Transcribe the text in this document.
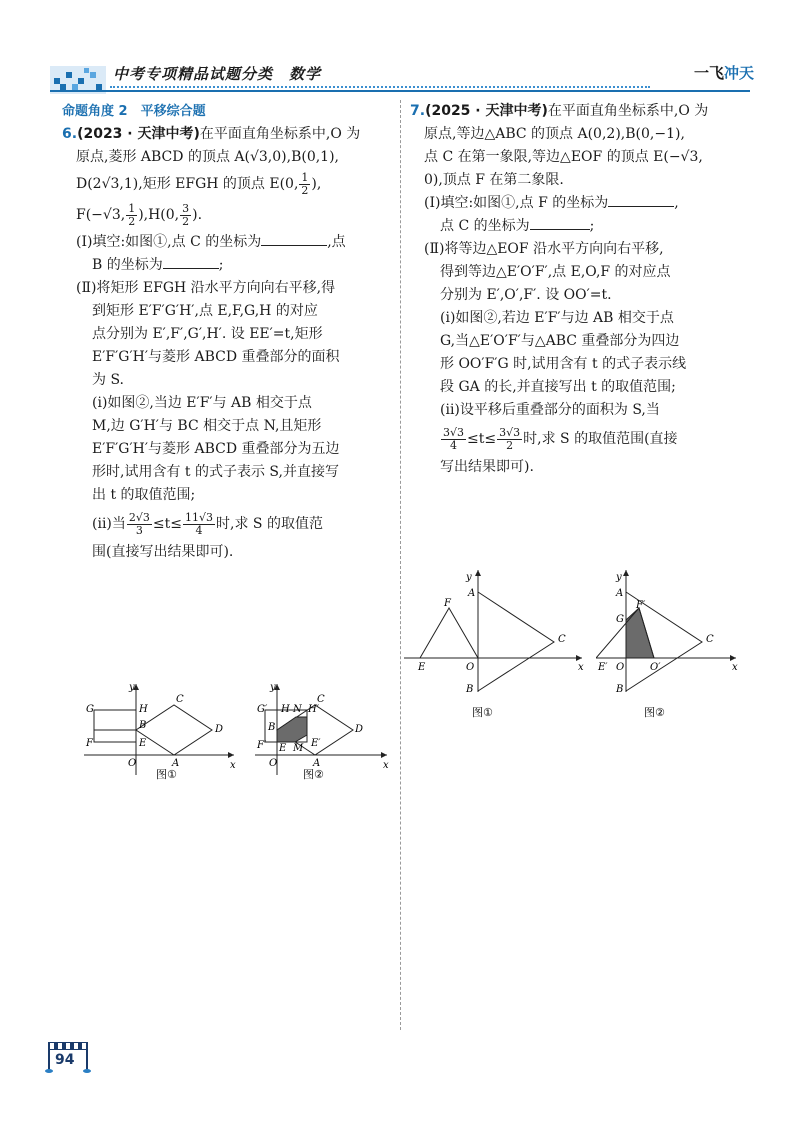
中考专项精品试题分类　数学	一飞冲天
命题角度 2　平移综合题
6.(2023 · 天津中考)在平面直角坐标系中,O 为
原点,菱形 ABCD 的顶点 A(√3,0),B(0,1),
D(2√3,1),矩形 EFGH 的顶点 E(0, $\frac{1}{2}$ ),
F(−√3, $\frac{1}{2} ),H(0$, $\frac{3}{2}$ ).
(Ⅰ)填空:如图①,点 C 的坐标为	,点
B 的坐标为	;
(Ⅱ)将矩形 EFGH 沿水平方向向右平移,得
到矩形 E′F′G′H′,点 E,F,G,H 的对应
点分别为 E′,F′,G′,H′. 设 EE′=t,矩形
E′F′G′H′与菱形 ABCD 重叠部分的面积
为 S.
(ⅰ)如图②,当边 E′F′与 AB 相交于点
M,边 G′H′与 BC 相交于点 N,且矩形
E′F′G′H′与菱形 ABCD 重叠部分为五边
形时,试用含有 t 的式子表示 S,并直接写
出 t 的取值范围;
(ⅱ)当 $\frac{2√3}{3} \le t\le \frac{11√3}{4}$ 时,求 S 的取值范
围(直接写出结果即可).
y
G	H
C
D
B
F	E
O	A	x
图①
y
G′ H N H′
C
D
B
F′ E M E′
O	A	x
图②
7.(2025 · 天津中考)在平面直角坐标系中,O 为
原点,等边△ABC 的顶点 A(0,2),B(0,−1),
点 C 在第一象限,等边△EOF 的顶点 E(−√3,
0),顶点 F 在第二象限.
(Ⅰ)填空:如图①,点 F 的坐标为	,
点 C 的坐标为	;
(Ⅱ)将等边△EOF 沿水平方向向右平移,
得到等边△E′O′F′,点 E,O,F 的对应点
分别为 E′,O′,F′. 设 OO′=t.
(ⅰ)如图②,若边 E′F′与边 AB 相交于点
G,当△E′O′F′与△ABC 重叠部分为四边
形 OO′F′G 时,试用含有 t 的式子表示线
段 GA 的长,并直接写出 t 的取值范围;
(ⅱ)设平移后重叠部分的面积为 S,当
$\frac{3√3}{4} \le t\le \frac{3√3}{2}$ 时,求 S 的取值范围(直接
写出结果即可).
y
A
F
C
E	O	x
B
图①
y
A
F′
G
C
E′ O	O′	x
B
图②
94
